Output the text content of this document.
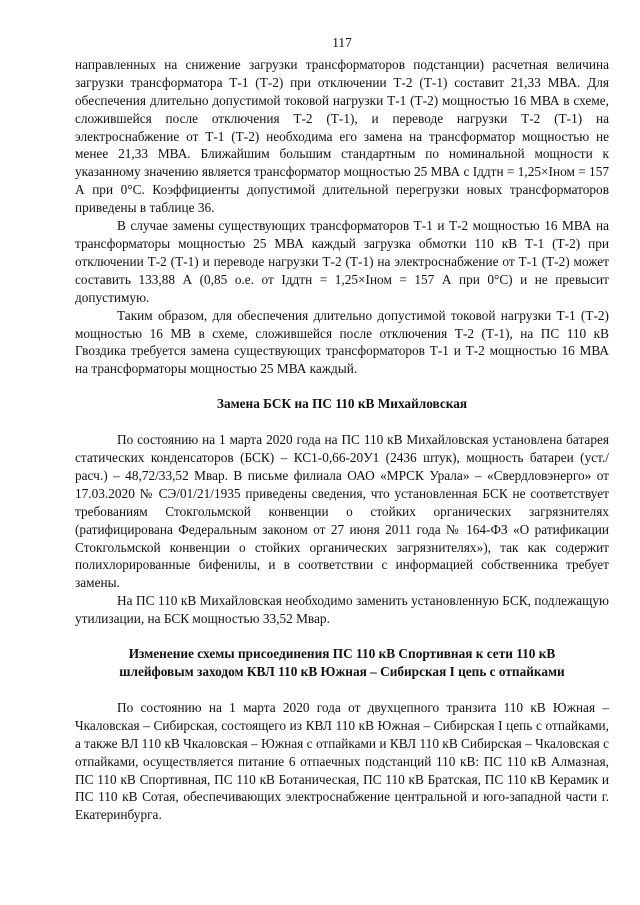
117

направленных на снижение загрузки трансформаторов подстанции) расчетная величина загрузки трансформатора Т-1 (Т-2) при отключении Т-2 (Т-1) составит 21,33 МВА. Для обеспечения длительно допустимой токовой нагрузки Т-1 (Т-2) мощностью 16 МВА в схеме, сложившейся после отключения Т-2 (Т-1), и переводе нагрузки Т-2 (Т-1) на электроснабжение от Т-1 (Т-2) необходима его замена на трансформатор мощностью не менее 21,33 МВА. Ближайшим большим стандартным по номинальной мощности к указанному значению является трансформатор мощностью 25 МВА с Iддтн = 1,25×Iном = 157 А при 0°С. Коэффициенты допустимой длительной перегрузки новых трансформаторов приведены в таблице 36.

В случае замены существующих трансформаторов Т-1 и Т-2 мощностью 16 МВА на трансформаторы мощностью 25 МВА каждый загрузка обмотки 110 кВ Т-1 (Т-2) при отключении Т-2 (Т-1) и переводе нагрузки Т-2 (Т-1) на электроснабжение от Т-1 (Т-2) может составить 133,88 А (0,85 о.е. от Iддтн = 1,25×Iном = 157 А при 0°С) и не превысит допустимую.

Таким образом, для обеспечения длительно допустимой токовой нагрузки Т-1 (Т-2) мощностью 16 МВ в схеме, сложившейся после отключения Т-2 (Т-1), на ПС 110 кВ Гвоздика требуется замена существующих трансформаторов Т-1 и Т-2 мощностью 16 МВА на трансформаторы мощностью 25 МВА каждый.

Замена БСК на ПС 110 кВ Михайловская

По состоянию на 1 марта 2020 года на ПС 110 кВ Михайловская установлена батарея статических конденсаторов (БСК) – КС1-0,66-20У1 (2436 штук), мощность батареи (уст./расч.) – 48,72/33,52 Мвар. В письме филиала ОАО «МРСК Урала» – «Свердловэнерго» от 17.03.2020 № СЭ/01/21/1935 приведены сведения, что установленная БСК не соответствует требованиям Стокгольмской конвенции о стойких органических загрязнителях (ратифицирована Федеральным законом от 27 июня 2011 года № 164-ФЗ «О ратификации Стокгольмской конвенции о стойких органических загрязнителях»), так как содержит полихлорированные бифенилы, и в соответствии с информацией собственника требует замены.

На ПС 110 кВ Михайловская необходимо заменить установленную БСК, подлежащую утилизации, на БСК мощностью 33,52 Мвар.

Изменение схемы присоединения ПС 110 кВ Спортивная к сети 110 кВ
шлейфовым заходом КВЛ 110 кВ Южная – Сибирская I цепь с отпайками

По состоянию на 1 марта 2020 года от двухцепного транзита 110 кВ Южная – Чкаловская – Сибирская, состоящего из КВЛ 110 кВ Южная – Сибирская I цепь с отпайками, а также ВЛ 110 кВ Чкаловская – Южная с отпайками и КВЛ 110 кВ Сибирская – Чкаловская с отпайками, осуществляется питание 6 отпаечных подстанций 110 кВ: ПС 110 кВ Алмазная, ПС 110 кВ Спортивная, ПС 110 кВ Ботаническая, ПС 110 кВ Братская, ПС 110 кВ Керамик и ПС 110 кВ Сотая, обеспечивающих электроснабжение центральной и юго-западной части г. Екатеринбурга.
